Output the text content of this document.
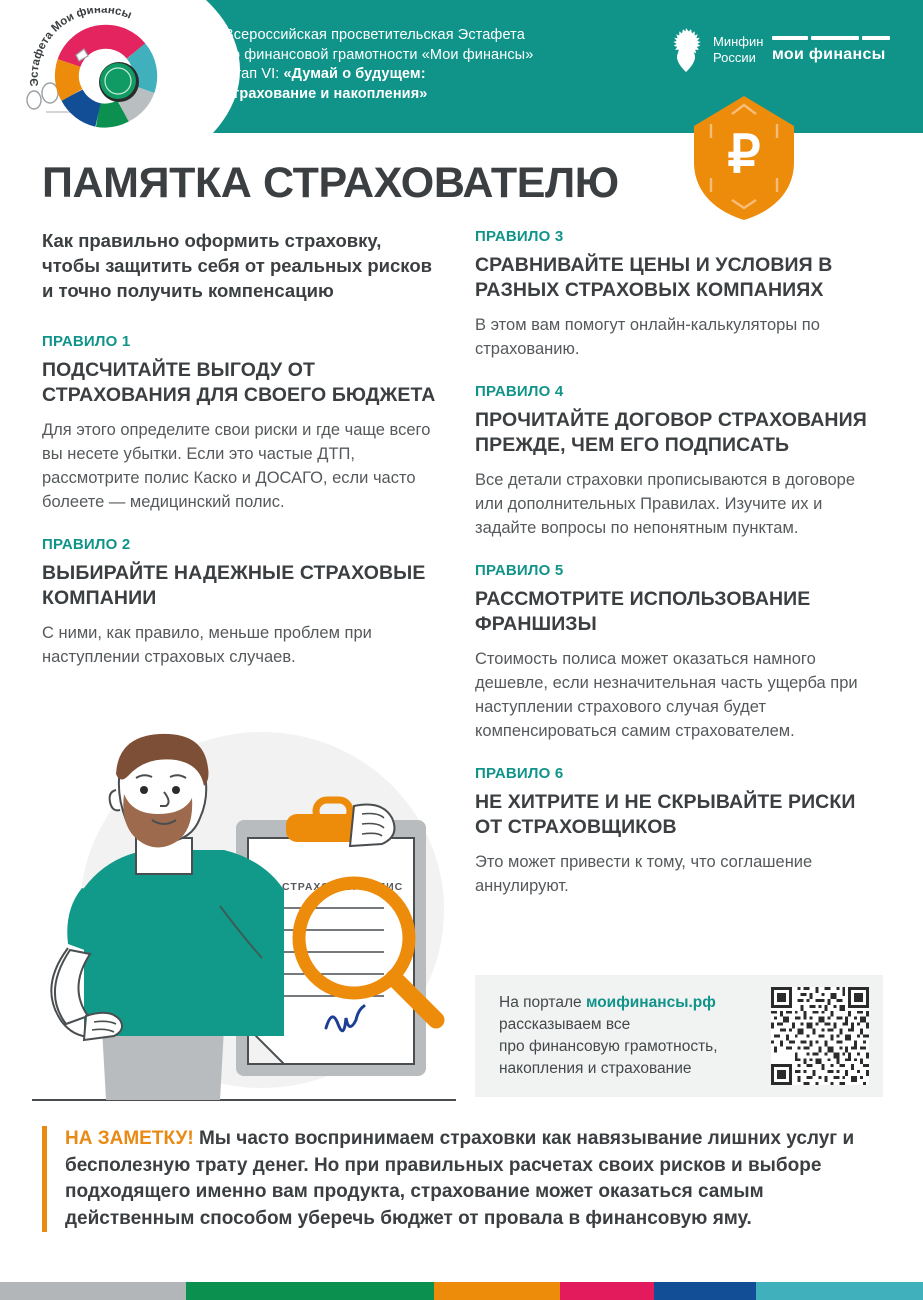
Эстафета Мои финансы
Всероссийская просветительская Эстафета
по финансовой грамотности «Мои финансы»
Этап VI: «Думай о будущем:
страхование и накопления»
Минфин
России	мои финансы
₽
ПАМЯТКА СТРАХОВАТЕЛЮ
Как правильно оформить страховку, чтобы защитить себя от реальных рисков и точно получить компенсацию
ПРАВИЛО 1
ПОДСЧИТАЙТЕ ВЫГОДУ ОТ СТРАХОВАНИЯ ДЛЯ СВОЕГО БЮДЖЕТА
Для этого определите свои риски и где чаще всего вы несете убытки. Если это частые ДТП, рассмотрите полис Каско и ДОСАГО, если часто болеете — медицинский полис.
ПРАВИЛО 2
ВЫБИРАЙТЕ НАДЕЖНЫЕ СТРАХОВЫЕ КОМПАНИИ
С ними, как правило, меньше проблем при наступлении страховых случаев.
ПРАВИЛО 3
СРАВНИВАЙТЕ ЦЕНЫ И УСЛОВИЯ В РАЗНЫХ СТРАХОВЫХ КОМПАНИЯХ
В этом вам помогут онлайн-калькуляторы по страхованию.
ПРАВИЛО 4
ПРОЧИТАЙТЕ ДОГОВОР СТРАХОВАНИЯ ПРЕЖДЕ, ЧЕМ ЕГО ПОДПИСАТЬ
Все детали страховки прописываются в договоре или дополнительных Правилах. Изучите их и задайте вопросы по непонятным пунктам.
ПРАВИЛО 5
РАССМОТРИТЕ ИСПОЛЬЗОВАНИЕ ФРАНШИЗЫ
Стоимость полиса может оказаться намного дешевле, если незначительная часть ущерба при наступлении страхового случая будет компенсироваться самим страхователем.
ПРАВИЛО 6
НЕ ХИТРИТЕ И НЕ СКРЫВАЙТЕ РИСКИ ОТ СТРАХОВЩИКОВ
Это может привести к тому, что соглашение аннулируют.
СТРАХОВОЙ ПОЛИС
На портале моифинансы.рф
рассказываем все
про финансовую грамотность,
накопления и страхование
НА ЗАМЕТКУ! Мы часто воспринимаем страховки как навязывание лишних услуг и бесполезную трату денег. Но при правильных расчетах своих рисков и выборе подходящего именно вам продукта, страхование может оказаться самым действенным способом уберечь бюджет от провала в финансовую яму.
